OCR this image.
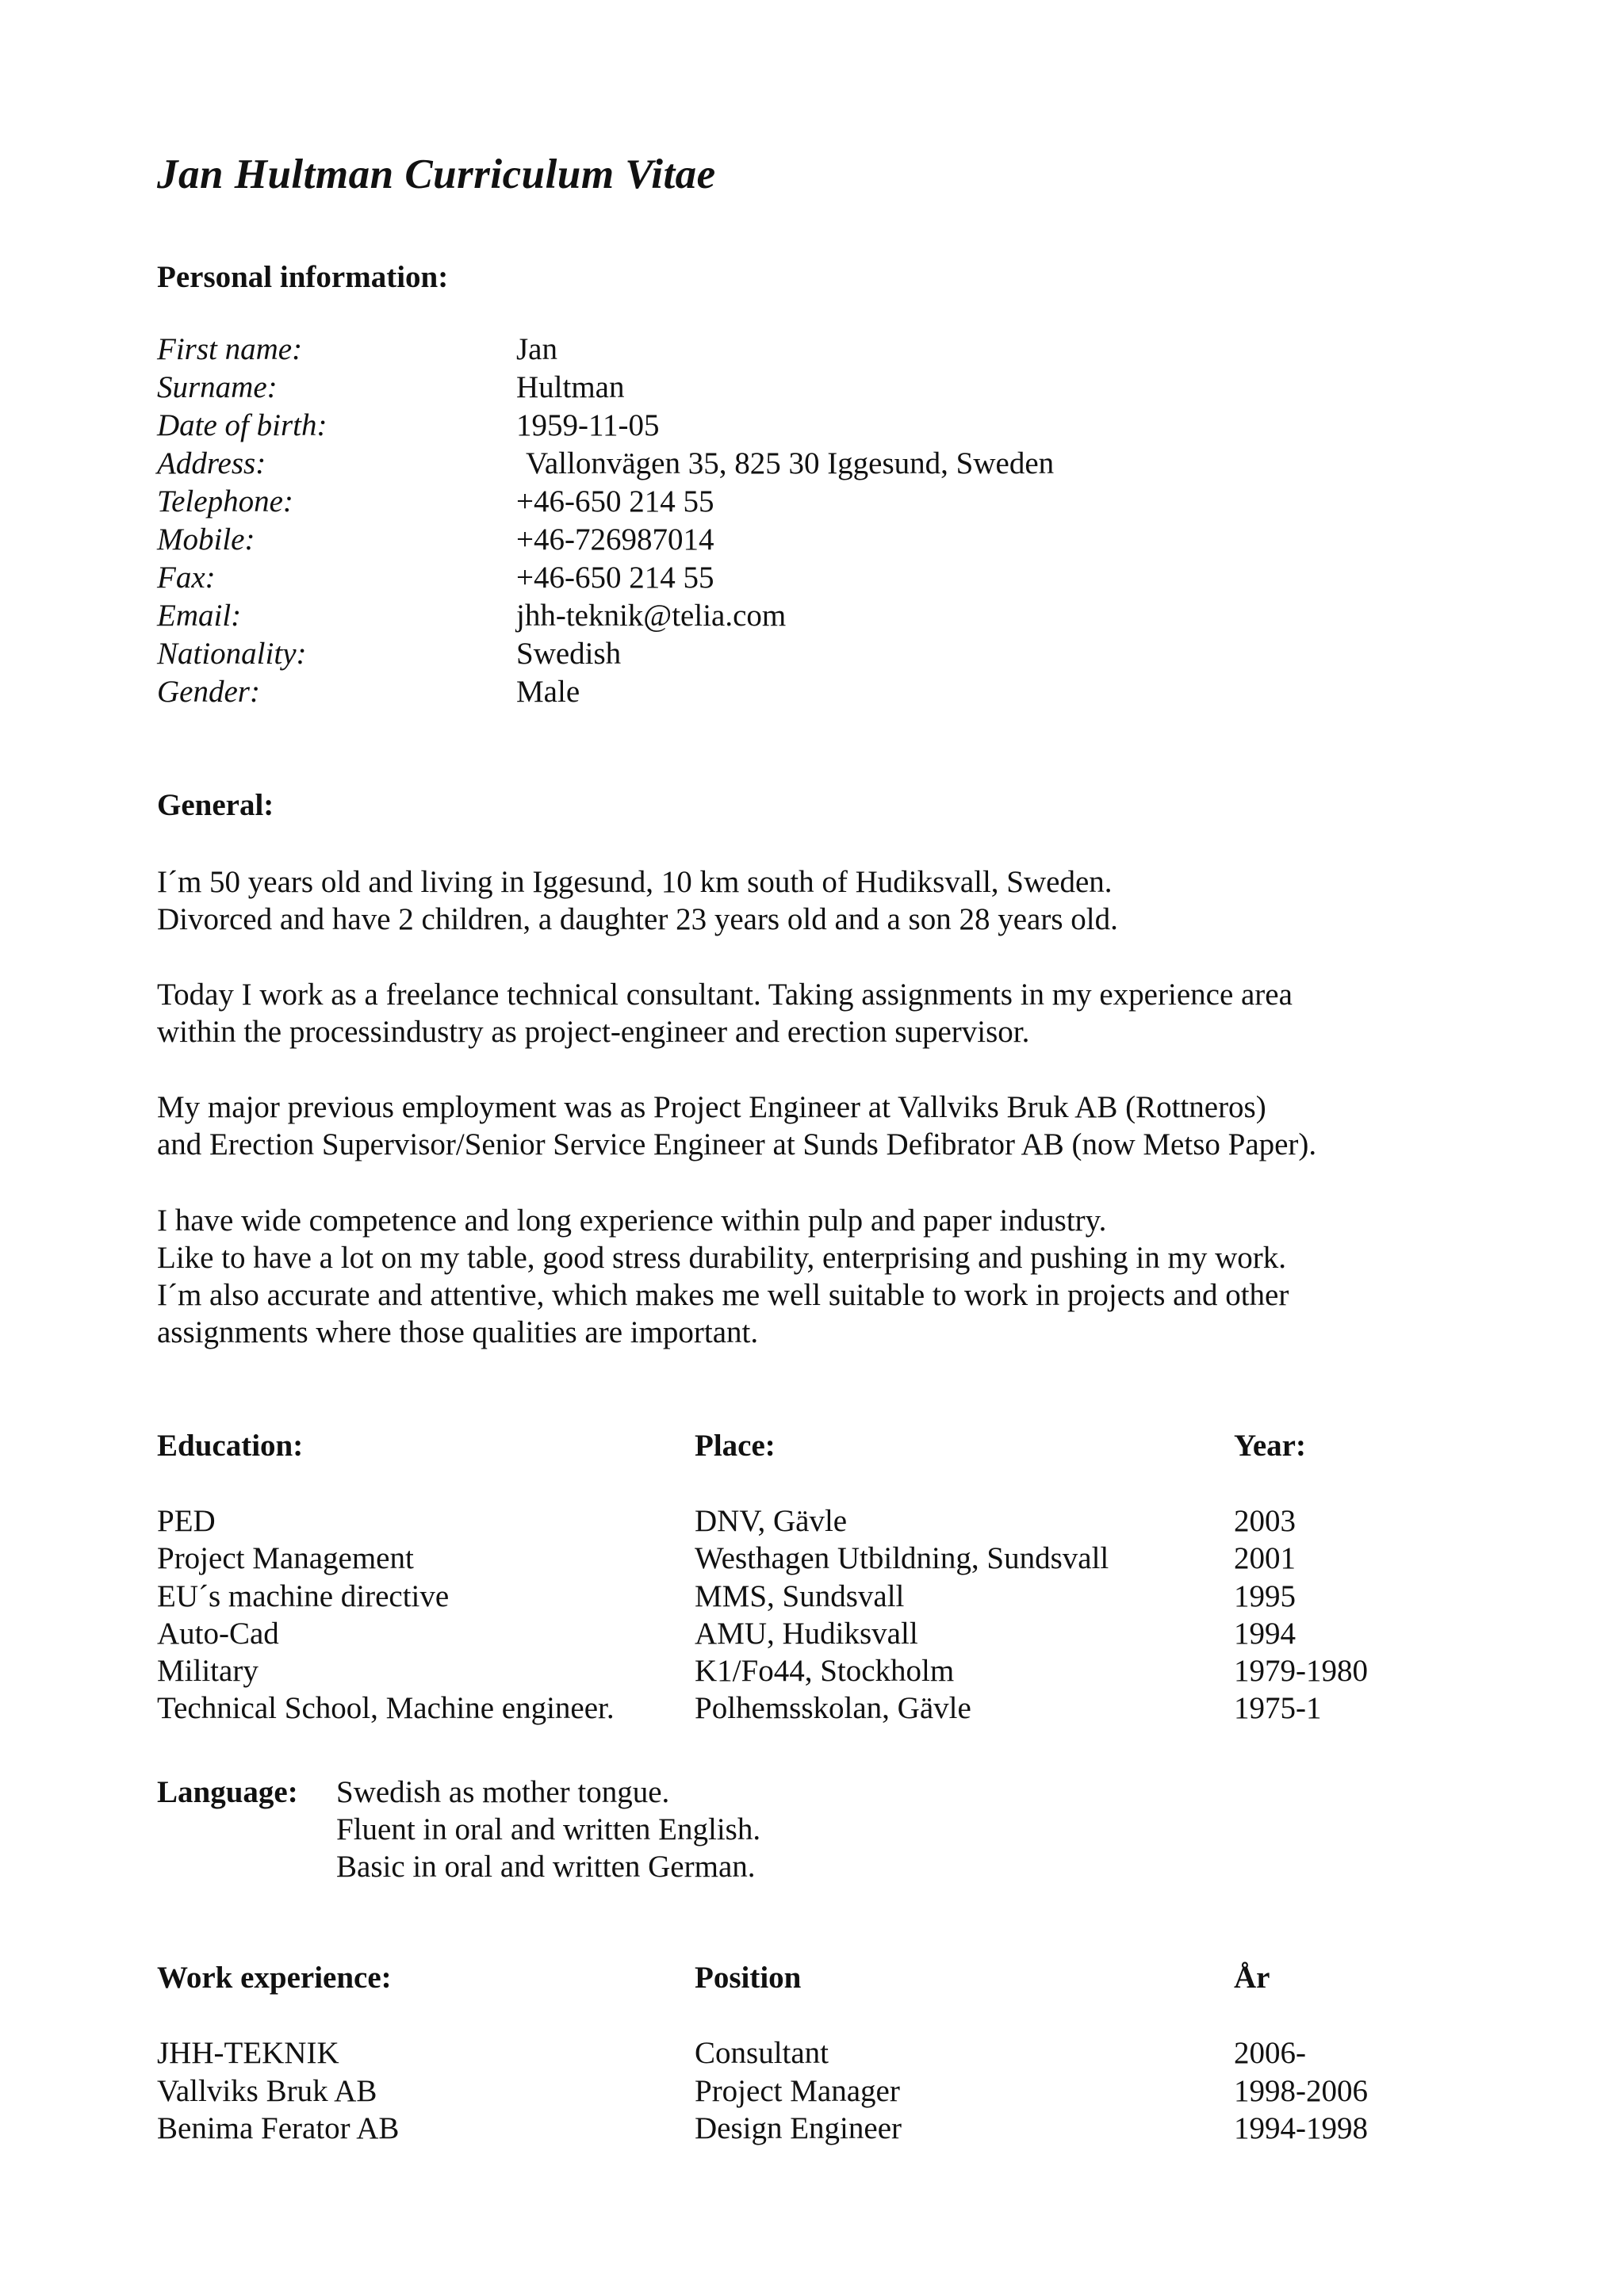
Jan Hultman Curriculum Vitae
Personal information:
First name:	Jan
Surname:	Hultman
Date of birth:	1959-11-05
Address:	Vallonvägen 35, 825 30 Iggesund, Sweden
Telephone:	+46-650 214 55
Mobile:	+46-726987014
Fax:	+46-650 214 55
Email:	jhh-teknik@telia.com
Nationality:	Swedish
Gender:	Male
General:
I´m 50 years old and living in Iggesund, 10 km south of Hudiksvall, Sweden.
Divorced and have 2 children, a daughter 23 years old and a son 28 years old.
Today I work as a freelance technical consultant. Taking assignments in my experience area
within the processindustry as project-engineer and erection supervisor.
My major previous employment was as Project Engineer at Vallviks Bruk AB (Rottneros)
and Erection Supervisor/Senior Service Engineer at Sunds Defibrator AB (now Metso Paper).
I have wide competence and long experience within pulp and paper industry.
Like to have a lot on my table, good stress durability, enterprising and pushing in my work.
I´m also accurate and attentive, which makes me well suitable to work in projects and other
assignments where those qualities are important.
Education:	Place:	Year:
PED	DNV, Gävle	2003
Project Management	Westhagen Utbildning, Sundsvall	2001
EU´s machine directive	MMS, Sundsvall	1995
Auto-Cad	AMU, Hudiksvall	1994
Military	K1/Fo44, Stockholm	1979-1980
Technical School, Machine engineer.	Polhemsskolan, Gävle	1975-1
Language: Swedish as mother tongue.
Fluent in oral and written English.
Basic in oral and written German.
Work experience:	Position	År
JHH-TEKNIK	Consultant	2006-
Vallviks Bruk AB	Project Manager	1998-2006
Benima Ferator AB	Design Engineer	1994-1998
